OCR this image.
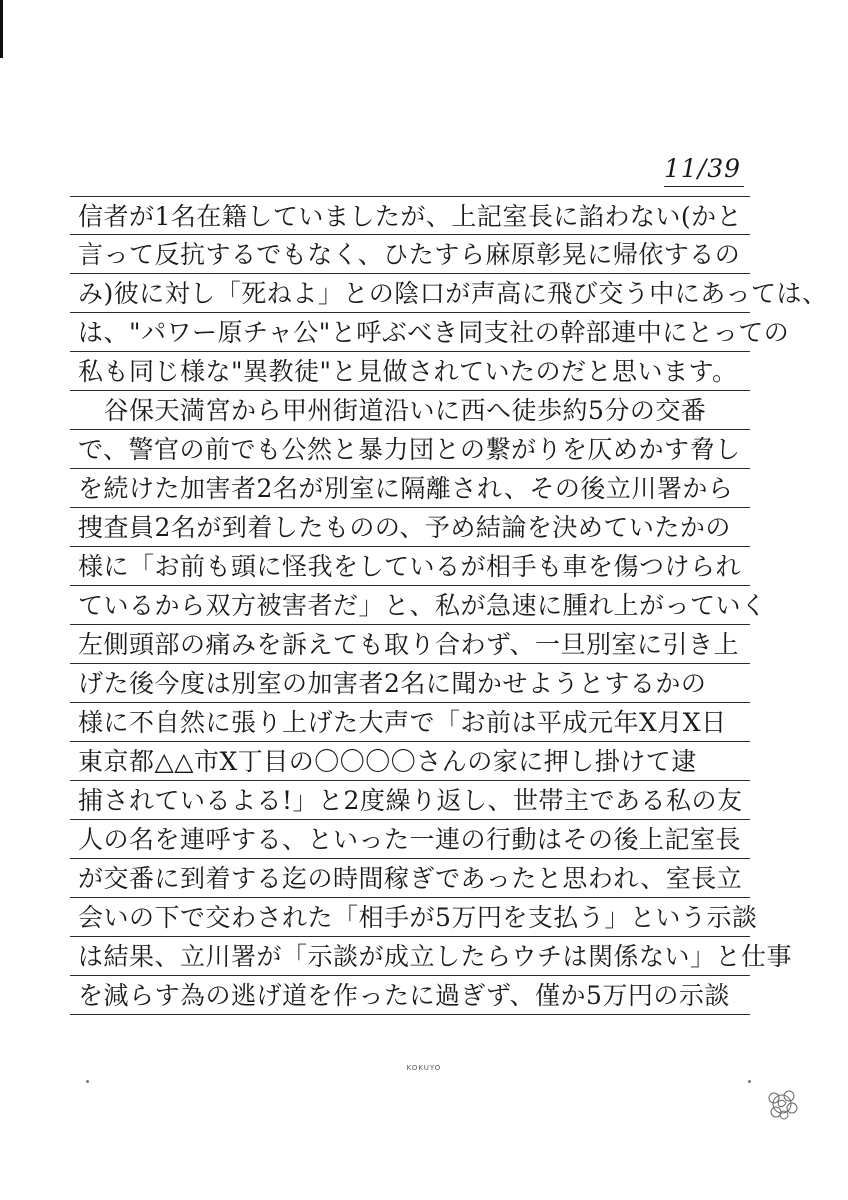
11/39
信者が1名在籍していましたが、上記室長に諂わない(かと
言って反抗するでもなく、ひたすら麻原彰晃に帰依するの
み)彼に対し「死ねよ」との陰口が声高に飛び交う中にあっては、
は、"パワー原チャ公"と呼ぶべき同支社の幹部連中にとっての
私も同じ様な"異教徒"と見做されていたのだと思います。
　谷保天満宮から甲州街道沿いに西へ徒歩約5分の交番
で、警官の前でも公然と暴力団との繋がりを仄めかす脅し
を続けた加害者2名が別室に隔離され、その後立川署から
捜査員2名が到着したものの、予め結論を決めていたかの
様に「お前も頭に怪我をしているが相手も車を傷つけられ
ているから双方被害者だ」と、私が急速に腫れ上がっていく
左側頭部の痛みを訴えても取り合わず、一旦別室に引き上
げた後今度は別室の加害者2名に聞かせようとするかの
様に不自然に張り上げた大声で「お前は平成元年X月X日
東京都△△市X丁目の〇〇〇〇さんの家に押し掛けて逮
捕されているよる!」と2度繰り返し、世帯主である私の友
人の名を連呼する、といった一連の行動はその後上記室長
が交番に到着する迄の時間稼ぎであったと思われ、室長立
会いの下で交わされた「相手が5万円を支払う」という示談
は結果、立川署が「示談が成立したらウチは関係ない」と仕事
を減らす為の逃げ道を作ったに過ぎず、僅か5万円の示談
KOKUYO
